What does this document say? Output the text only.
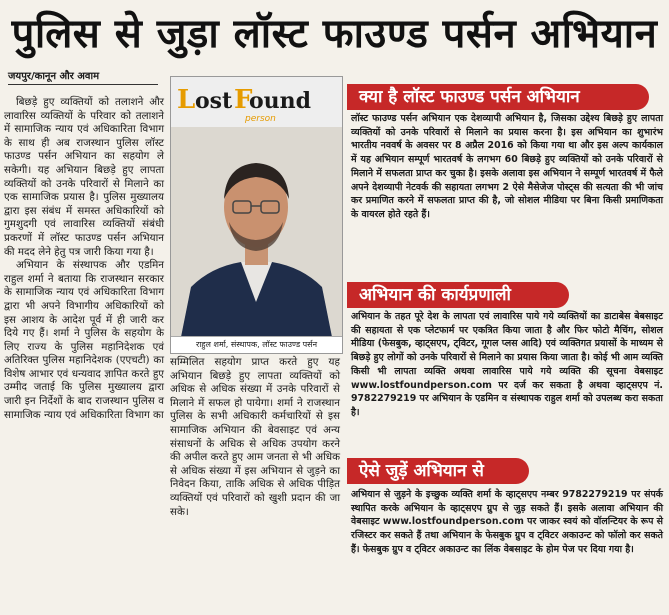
पुलिस से जुड़ा लॉस्ट फाउण्ड पर्सन अभियान
जयपुर/कानून और अवाम

बिछड़े हुए व्यक्तियों को तलाशने और लावारिस व्यक्तियों के परिवार को तलाशने में सामाजिक न्याय एवं अधिकारिता विभाग के साथ ही अब राजस्थान पुलिस लॉस्ट फाउण्ड पर्सन अभियान का सहयोग ले सकेगी। यह अभियान बिछड़े हुए लापता व्यक्तियों को उनके परिवारों से मिलाने का एक सामाजिक प्रयास है। पुलिस मुख्यालय द्वारा इस संबंध में समस्त अधिकारियों को गुमशुदगी एवं लावारिस व्यक्तियों संबंधी प्रकरणों में लॉस्ट फाउण्ड पर्सन अभियान की मदद लेने हेतु पत्र जारी किया गया है।

अभियान के संस्थापक और एडमिन राहुल शर्मा ने बताया कि राजस्थान सरकार के सामाजिक न्याय एवं अधिकारिता विभाग द्वारा भी अपने विभागीय अधिकारियों को इस आशय के आदेश पूर्व में ही जारी कर दिये गए हैं। शर्मा ने पुलिस के सहयोग के लिए राज्य के पुलिस महानिदेशक एवं अतिरिक्त पुलिस महानिदेशक (एएचटी) का विशेष आभार एवं धन्यवाद ज्ञापित करते हुए उम्मीद जताई कि पुलिस मुख्यालय द्वारा जारी इन निर्देशों के बाद राजस्थान पुलिस व सामाजिक न्याय एवं अधिकारिता विभाग का

L ost F
ound
person
राहुल शर्मा, संस्थापक, लॉस्ट फाउण्ड पर्सन

सम्मिलित सहयोग प्राप्त करते हुए यह अभियान बिछड़े हुए लापता व्यक्तियों को अधिक से अधिक संख्या में उनके परिवारों से मिलाने में सफल हो पायेगा। शर्मा ने राजस्थान पुलिस के सभी अधिकारी कर्मचारियों से इस सामाजिक अभियान की बेवसाइट एवं अन्य संसाधनों के अधिक से अधिक उपयोग करने की अपील करते हुए आम जनता से भी अधिक से अधिक संख्या में इस अभियान से जुड़ने का निवेदन किया, ताकि अधिक से अधिक पीड़ित व्यक्तियों एवं परिवारों को खुशी प्रदान की जा सके।

क्या है लॉस्ट फाउण्ड पर्सन अभियान
लॉस्ट फाउण्ड पर्सन अभियान एक देशव्यापी अभियान है, जिसका उद्देश्य बिछड़े हुए लापता व्यक्तियों को उनके परिवारों से मिलाने का प्रयास करना है। इस अभियान का शुभारंभ भारतीय नववर्ष के अवसर पर 8 अप्रैल 2016 को किया गया था और इस अल्प कार्यकाल में यह अभियान सम्पूर्ण भारतवर्ष के लगभग 60 बिछड़े हुए व्यक्तियों को उनके परिवारों से मिलाने में सफलता प्राप्त कर चुका है। इसके अलावा इस अभियान ने सम्पूर्ण भारतवर्ष में फैले अपने देशव्यापी नेटवर्क की सहायता लगभग 2 ऐसे मैसेजेज पोस्ट्स की सत्यता की भी जांच कर प्रमाणित करने में सफलता प्राप्त की है, जो सोशल मीडिया पर बिना किसी प्रमाणिकता के वायरल होते रहते हैं।
अभियान की कार्यप्रणाली
अभियान के तहत पूरे देश के लापता एवं लावारिस पाये गये व्यक्तियों का डाटाबेस बेबसाइट की सहायता से एक प्लेटफार्म पर एकत्रित किया जाता है और फिर फोटो मैचिंग, सोशल मीडिया (फेसबुक, व्हाट्सएप, ट्विटर, गूगल प्लस आदि) एवं व्यक्तिगत प्रयासों के माध्यम से बिछड़े हुए लोगों को उनके परिवारों से मिलाने का प्रयास किया जाता है। कोई भी आम व्यक्ति किसी भी लापता व्यक्ति अथवा लावारिस पाये गये व्यक्ति की सूचना वेबसाइट www.lostfoundperson.com पर दर्ज कर सकता है अथवा व्हाट्सएप नं. 9782279219 पर अभियान के एडमिन व संस्थापक राहुल शर्मा को उपलब्ध करा सकता है।
ऐसे जुड़ें अभियान से
अभियान से जुड़ने के इच्छुक व्यक्ति शर्मा के व्हाट्सएप नम्बर 9782279219 पर संपर्क स्थापित करके अभियान के व्हाट्सएप ग्रुप से जुड़ सकते हैं। इसके अलावा अभियान की वेबसाइट www.lostfoundperson.com पर जाकर स्वयं को वॉलन्टियर के रूप से रजिस्टर कर सकते हैं तथा अभियान के फेसबुक ग्रुप व ट्विटर अकाउन्ट को फॉलो कर सकते हैं। फेसबुक ग्रुप व ट्विटर अकाउन्ट का लिंक वेबसाइट के होम पेज पर दिया गया है।
